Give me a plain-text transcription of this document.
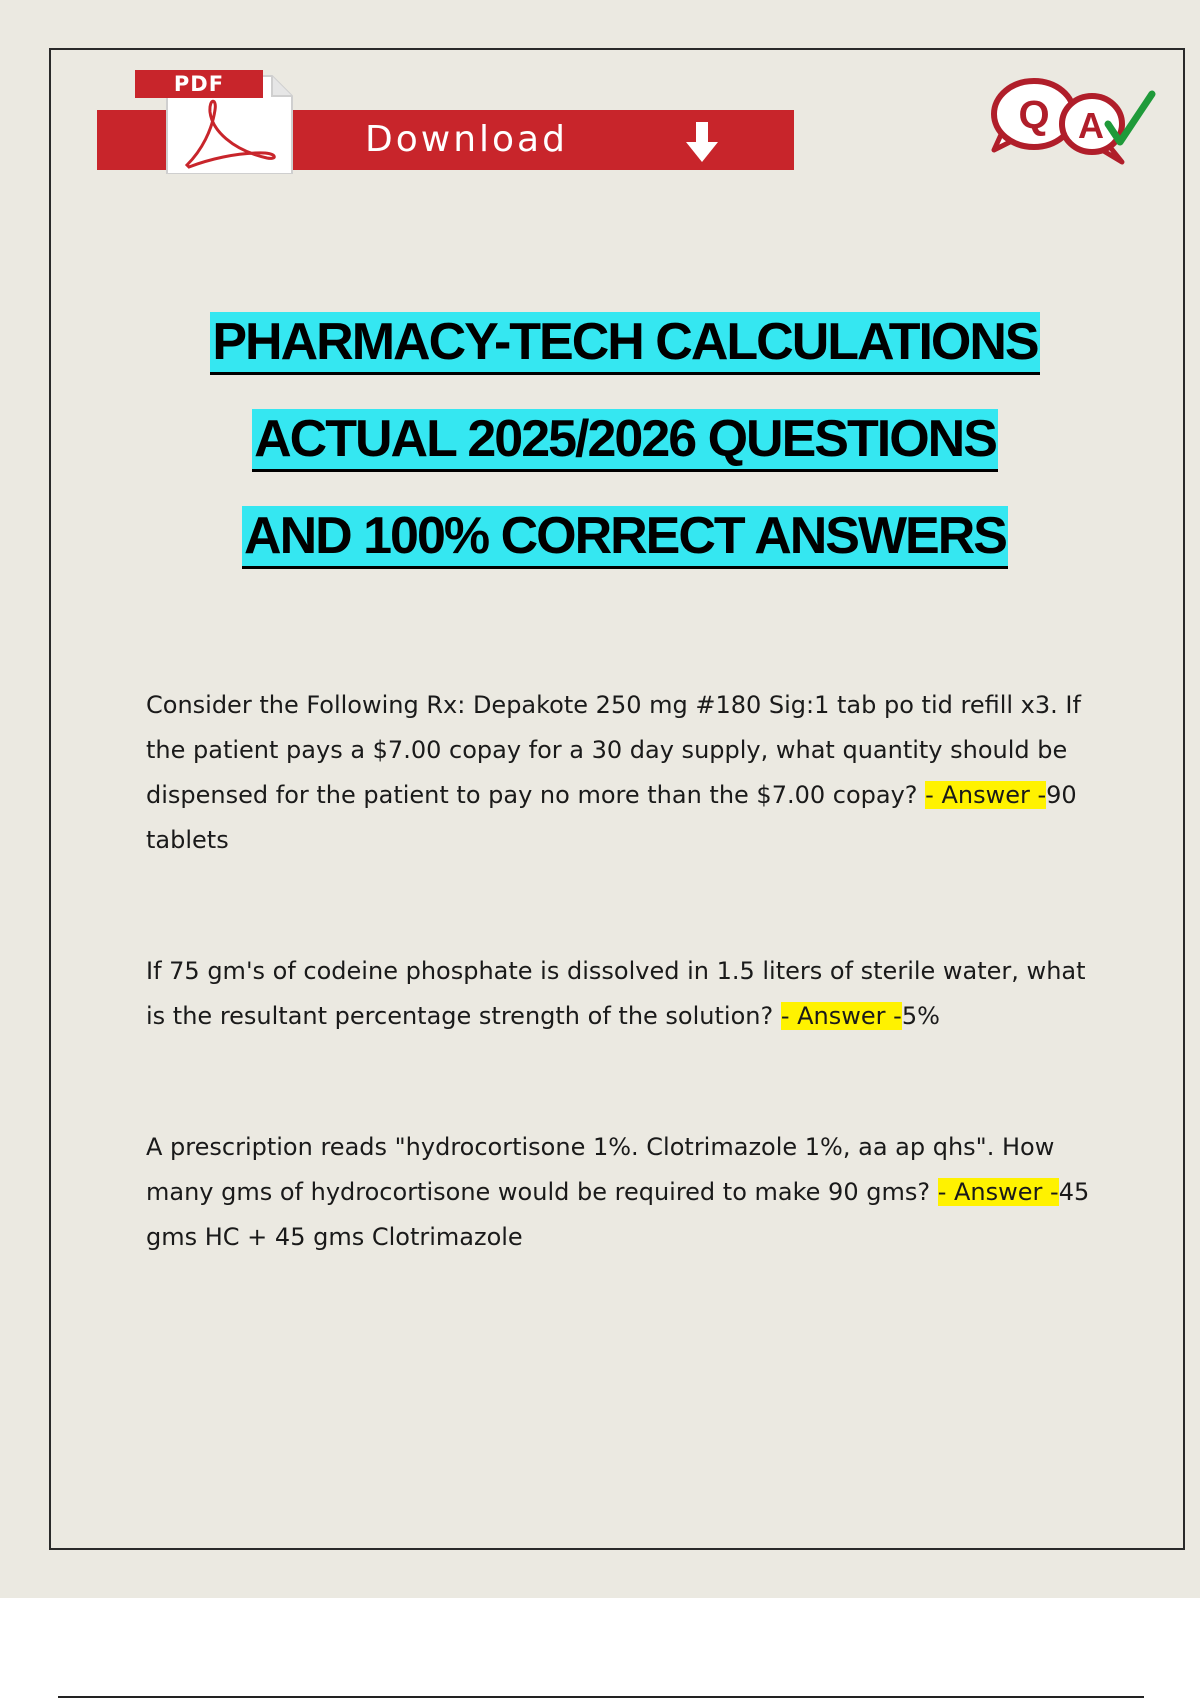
PDF
Download
Q A
PHARMACY-TECH CALCULATIONS
ACTUAL 2025/2026 QUESTIONS
AND 100% CORRECT ANSWERS

Consider the Following Rx: Depakote 250 mg #180 Sig:1 tab po tid refill x3. If the patient pays a $7.00 copay for a 30 day supply, what quantity should be dispensed for the patient to pay no more than the $7.00 copay? - Answer -90 tablets

If 75 gm's of codeine phosphate is dissolved in 1.5 liters of sterile water, what is the resultant percentage strength of the solution? - Answer -5%

A prescription reads "hydrocortisone 1%. Clotrimazole 1%, aa ap qhs". How many gms of hydrocortisone would be required to make 90 gms? - Answer -45 gms HC + 45 gms Clotrimazole
